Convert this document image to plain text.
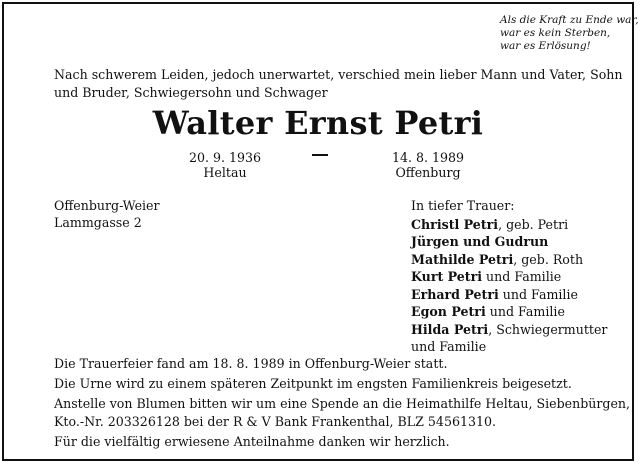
Als die Kraft zu Ende war,
war es kein Sterben,
war es Erlösung!
Nach schwerem Leiden, jedoch unerwartet, verschied mein lieber Mann und Vater, Sohn
und Bruder, Schwiegersohn und Schwager
Walter Ernst Petri
20. 9. 1936
Heltau
14. 8. 1989
Offenburg
Offenburg-Weier
Lammgasse 2
In tiefer Trauer:
Christl Petri, geb. Petri
Jürgen und Gudrun
Mathilde Petri, geb. Roth
Kurt Petri und Familie
Erhard Petri und Familie
Egon Petri und Familie
Hilda Petri, Schwiegermutter
und Familie
Die Trauerfeier fand am 18. 8. 1989 in Offenburg-Weier statt.
Die Urne wird zu einem späteren Zeitpunkt im engsten Familienkreis beigesetzt.
Anstelle von Blumen bitten wir um eine Spende an die Heimathilfe Heltau, Siebenbürgen,
Kto.-Nr. 203326128 bei der R & V Bank Frankenthal, BLZ 54561310.
Für die vielfältig erwiesene Anteilnahme danken wir herzlich.
